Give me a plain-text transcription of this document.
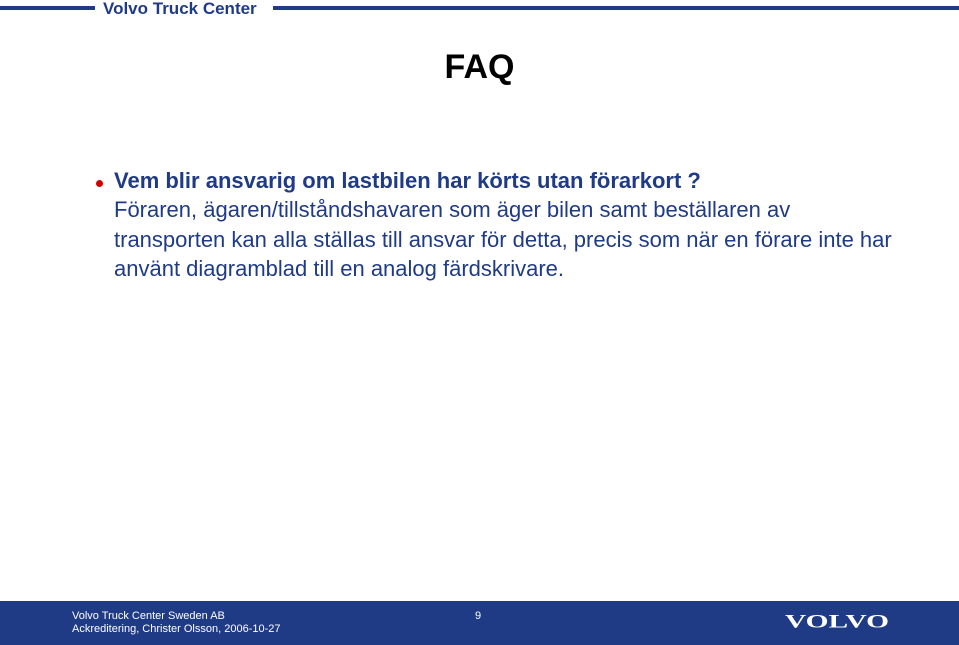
Volvo Truck Center
FAQ
Vem blir ansvarig om lastbilen har körts utan förarkort ?
Föraren, ägaren/tillståndshavaren som äger bilen samt beställaren av transporten kan alla ställas till ansvar för detta, precis som när en förare inte har använt diagramblad till en analog färdskrivare.
Volvo Truck Center Sweden AB
Ackreditering, Christer Olsson, 2006-10-27
9	VOLVO
